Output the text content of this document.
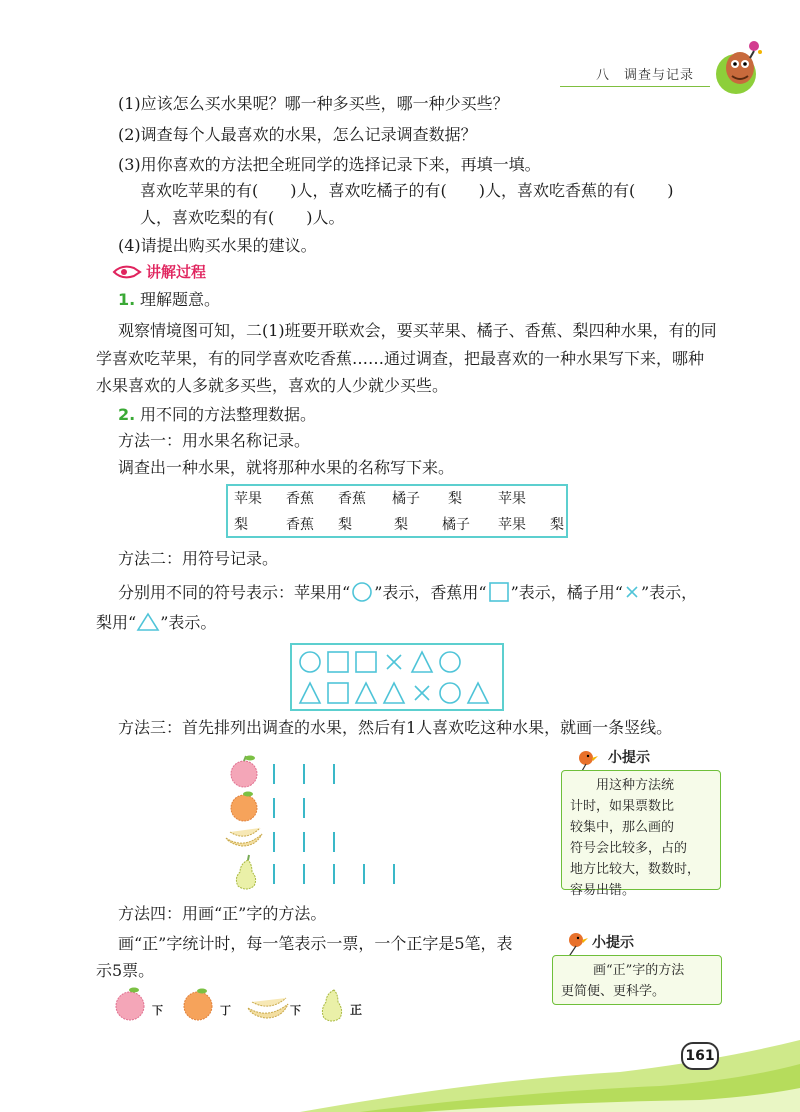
八　调查与记录
(1)应该怎么买水果呢？哪一种多买些，哪一种少买些？
(2)调查每个人最喜欢的水果，怎么记录调查数据？
(3)用你喜欢的方法把全班同学的选择记录下来，再填一填。
喜欢吃苹果的有(　　)人，喜欢吃橘子的有(　　)人，喜欢吃香蕉的有(　　)
人，喜欢吃梨的有(　　)人。
(4)请提出购买水果的建议。
讲解过程
1. 理解题意。
观察情境图可知，二(1)班要开联欢会，要买苹果、橘子、香蕉、梨四种水果，有的同
学喜欢吃苹果，有的同学喜欢吃香蕉……通过调查，把最喜欢的一种水果写下来，哪种
水果喜欢的人多就多买些，喜欢的人少就少买些。
2. 用不同的方法整理数据。
方法一：用水果名称记录。
调查出一种水果，就将那种水果的名称写下来。
苹果 香蕉 香蕉 橘子 梨	苹果
梨	香蕉 梨	梨 橘子 苹果 梨
方法二：用符号记录。
分别用不同的符号表示：苹果用“ ”表示，香蕉用“ ”表示，橘子用“ ”表示，
梨用“ ”表示。
方法三：首先排列出调查的水果，然后有1人喜欢吃这种水果，就画一条竖线。
小提示
用这种方法统
计时，如果票数比
较集中，那么画的
符号会比较多，占的
地方比较大，数数时，
容易出错。
方法四：用画“正”字的方法。
画“正”字统计时，每一笔表示一票，一个正字是5笔，表
示5票。
小提示
画“正”字的方法
更简便、更科学。
下	丁	下	正
161
